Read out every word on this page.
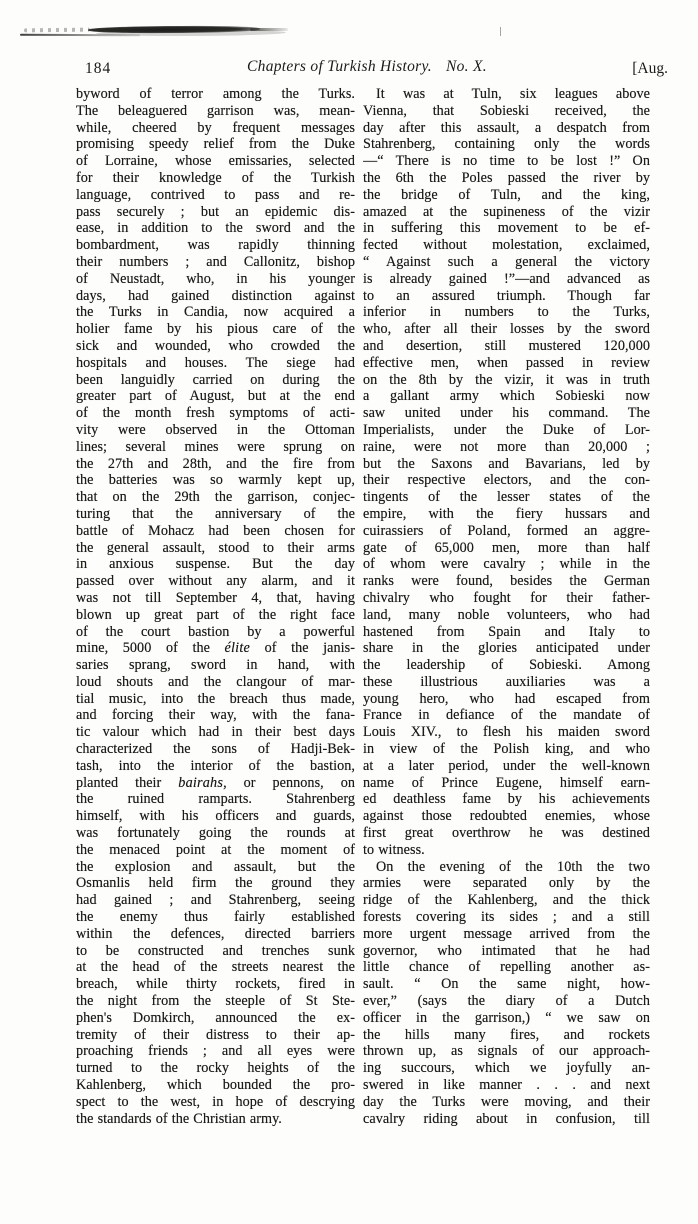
184	Chapters of Turkish History. No. X.	[Aug.
byword of terror among the Turks.
The beleaguered garrison was, mean-
while, cheered by frequent messages
promising speedy relief from the Duke
of Lorraine, whose emissaries, selected
for their knowledge of the Turkish
language, contrived to pass and re-
pass securely ; but an epidemic dis-
ease, in addition to the sword and the
bombardment, was rapidly thinning
their numbers ; and Callonitz, bishop
of Neustadt, who, in his younger
days, had gained distinction against
the Turks in Candia, now acquired a
holier fame by his pious care of the
sick and wounded, who crowded the
hospitals and houses. The siege had
been languidly carried on during the
greater part of August, but at the end
of the month fresh symptoms of acti-
vity were observed in the Ottoman
lines; several mines were sprung on
the 27th and 28th, and the fire from
the batteries was so warmly kept up,
that on the 29th the garrison, conjec-
turing that the anniversary of the
battle of Mohacz had been chosen for
the general assault, stood to their arms
in anxious suspense. But the day
passed over without any alarm, and it
was not till September 4, that, having
blown up great part of the right face
of the court bastion by a powerful
mine, 5000 of the élite of the janis-
saries sprang, sword in hand, with
loud shouts and the clangour of mar-
tial music, into the breach thus made,
and forcing their way, with the fana-
tic valour which had in their best days
characterized the sons of Hadji-Bek-
tash, into the interior of the bastion,
planted their bairahs, or pennons, on
the ruined ramparts. Stahrenberg
himself, with his officers and guards,
was fortunately going the rounds at
the menaced point at the moment of
the explosion and assault, but the
Osmanlis held firm the ground they
had gained ; and Stahrenberg, seeing
the enemy thus fairly established
within the defences, directed barriers
to be constructed and trenches sunk
at the head of the streets nearest the
breach, while thirty rockets, fired in
the night from the steeple of St Ste-
phen's Domkirch, announced the ex-
tremity of their distress to their ap-
proaching friends ; and all eyes were
turned to the rocky heights of the
Kahlenberg, which bounded the pro-
spect to the west, in hope of descrying
the standards of the Christian army.
It was at Tuln, six leagues above
Vienna, that Sobieski received, the
day after this assault, a despatch from
Stahrenberg, containing only the words
—“ There is no time to be lost !” On
the 6th the Poles passed the river by
the bridge of Tuln, and the king,
amazed at the supineness of the vizir
in suffering this movement to be ef-
fected without molestation, exclaimed,
“ Against such a general the victory
is already gained !”—and advanced as
to an assured triumph. Though far
inferior in numbers to the Turks,
who, after all their losses by the sword
and desertion, still mustered 120,000
effective men, when passed in review
on the 8th by the vizir, it was in truth
a gallant army which Sobieski now
saw united under his command. The
Imperialists, under the Duke of Lor-
raine, were not more than 20,000 ;
but the Saxons and Bavarians, led by
their respective electors, and the con-
tingents of the lesser states of the
empire, with the fiery hussars and
cuirassiers of Poland, formed an aggre-
gate of 65,000 men, more than half
of whom were cavalry ; while in the
ranks were found, besides the German
chivalry who fought for their father-
land, many noble volunteers, who had
hastened from Spain and Italy to
share in the glories anticipated under
the leadership of Sobieski. Among
these illustrious auxiliaries was a
young hero, who had escaped from
France in defiance of the mandate of
Louis XIV., to flesh his maiden sword
in view of the Polish king, and who
at a later period, under the well-known
name of Prince Eugene, himself earn-
ed deathless fame by his achievements
against those redoubted enemies, whose
first great overthrow he was destined
to witness.
On the evening of the 10th the two
armies were separated only by the
ridge of the Kahlenberg, and the thick
forests covering its sides ; and a still
more urgent message arrived from the
governor, who intimated that he had
little chance of repelling another as-
sault. “ On the same night, how-
ever,” (says the diary of a Dutch
officer in the garrison,) “ we saw on
the hills many fires, and rockets
thrown up, as signals of our approach-
ing succours, which we joyfully an-
swered in like manner . . . and next
day the Turks were moving, and their
cavalry riding about in confusion, till
